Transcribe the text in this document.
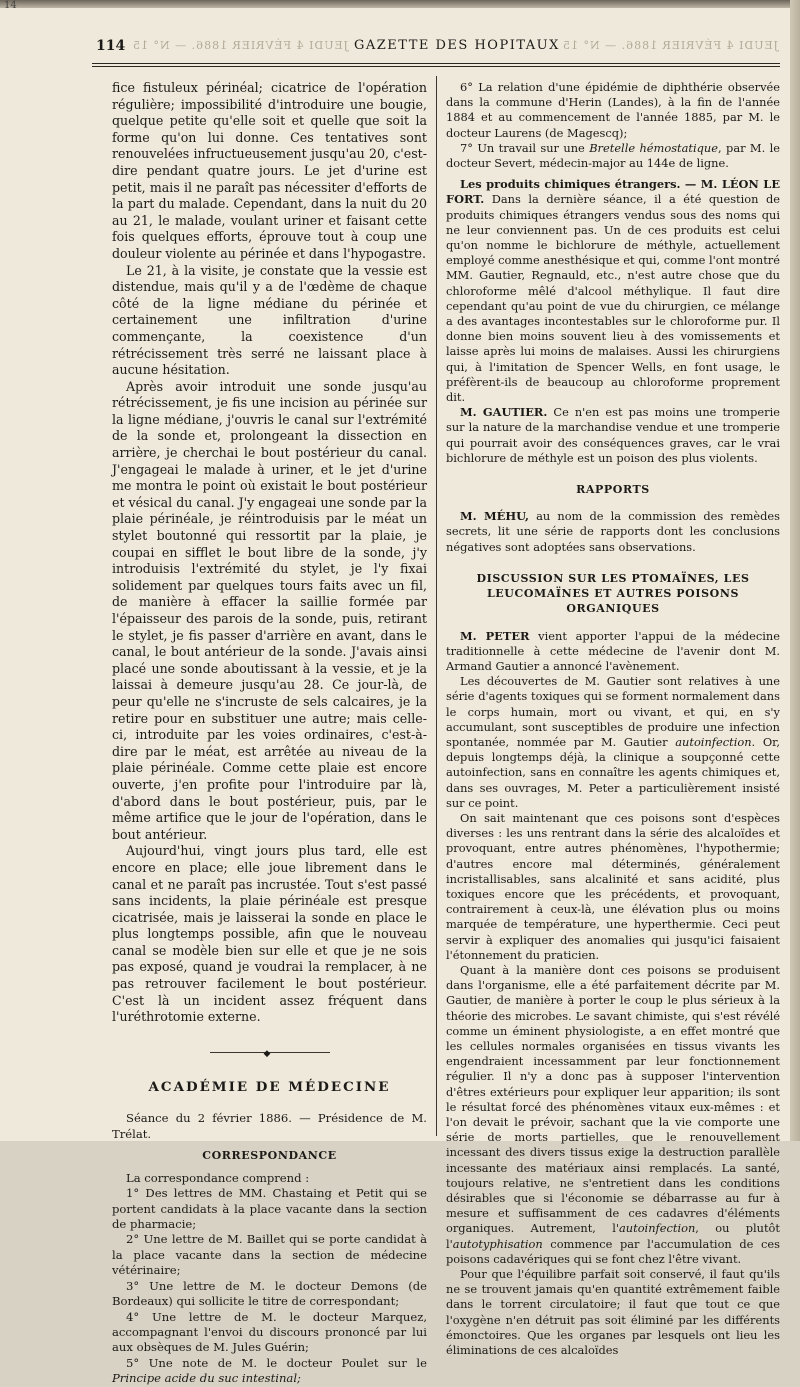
14
114 JEUDI 4 FÉVRIER 1886. — N° 15 GAZETTE DES HOPITAUX JEUDI 4 FÉVRIER 1886. — N° 15

fice fistuleux périnéal; cicatrice de l'opération régulière; impossibilité d'introduire une bougie, quelque petite qu'elle soit et quelle que soit la forme qu'on lui donne. Ces tentatives sont renouvelées infructueusement jusqu'au 20, c'est-dire pendant quatre jours. Le jet d'urine est petit, mais il ne paraît pas nécessiter d'efforts de la part du malade. Cependant, dans la nuit du 20 au 21, le malade, voulant uriner et faisant cette fois quelques efforts, éprouve tout à coup une douleur violente au périnée et dans l'hypogastre.

Le 21, à la visite, je constate que la vessie est distendue, mais qu'il y a de l'œdème de chaque côté de la ligne médiane du périnée et certainement une infiltration d'urine commençante, la coexistence d'un rétrécissement très serré ne laissant place à aucune hésitation.

Après avoir introduit une sonde jusqu'au rétrécissement, je fis une incision au périnée sur la ligne médiane, j'ouvris le canal sur l'extrémité de la sonde et, prolongeant la dissection en arrière, je cherchai le bout postérieur du canal. J'engageai le malade à uriner, et le jet d'urine me montra le point où existait le bout postérieur et vésical du canal. J'y engageai une sonde par la plaie périnéale, je réintroduisis par le méat un stylet boutonné qui ressortit par la plaie, je coupai en sifflet le bout libre de la sonde, j'y introduisis l'extrémité du stylet, je l'y fixai solidement par quelques tours faits avec un fil, de manière à effacer la saillie formée par l'épaisseur des parois de la sonde, puis, retirant le stylet, je fis passer d'arrière en avant, dans le canal, le bout antérieur de la sonde. J'avais ainsi placé une sonde aboutissant à la vessie, et je la laissai à demeure jusqu'au 28. Ce jour-là, de peur qu'elle ne s'incruste de sels calcaires, je la retire pour en substituer une autre; mais celle-ci, introduite par les voies ordinaires, c'est-à-dire par le méat, est arrêtée au niveau de la plaie périnéale. Comme cette plaie est encore ouverte, j'en profite pour l'introduire par là, d'abord dans le bout postérieur, puis, par le même artifice que le jour de l'opération, dans le bout antérieur.

Aujourd'hui, vingt jours plus tard, elle est encore en place; elle joue librement dans le canal et ne paraît pas incrustée. Tout s'est passé sans incidents, la plaie périnéale est presque cicatrisée, mais je laisserai la sonde en place le plus longtemps possible, afin que le nouveau canal se modèle bien sur elle et que je ne sois pas exposé, quand je voudrai la remplacer, à ne pas retrouver facilement le bout postérieur. C'est là un incident assez fréquent dans l'uréthrotomie externe.

◆
ACADÉMIE DE MÉDECINE

Séance du 2 février 1886. — Présidence de M. Trélat.

CORRESPONDANCE

La correspondance comprend :

1° Des lettres de MM. Chastaing et Petit qui se portent candidats à la place vacante dans la section de pharmacie;

2° Une lettre de M. Baillet qui se porte candidat à la place vacante dans la section de médecine vétérinaire;

3° Une lettre de M. le docteur Demons (de Bordeaux) qui sollicite le titre de correspondant;

4° Une lettre de M. le docteur Marquez, accompagnant l'envoi du discours prononcé par lui aux obsèques de M. Jules Guérin;

5° Une note de M. le docteur Poulet sur le Principe acide du suc intestinal;

6° La relation d'une épidémie de diphthérie observée dans la commune d'Herin (Landes), à la fin de l'année 1884 et au commencement de l'année 1885, par M. le docteur Laurens (de Magescq);

7° Un travail sur une Bretelle hémostatique, par M. le docteur Severt, médecin-major au 144e de ligne.

Les produits chimiques étrangers. — M. LÉON LE FORT. Dans la dernière séance, il a été question de produits chimiques étrangers vendus sous des noms qui ne leur conviennent pas. Un de ces produits est celui qu'on nomme le bichlorure de méthyle, actuellement employé comme anesthésique et qui, comme l'ont montré MM. Gautier, Regnauld, etc., n'est autre chose que du chloroforme mêlé d'alcool méthylique. Il faut dire cependant qu'au point de vue du chirurgien, ce mélange a des avantages incontestables sur le chloroforme pur. Il donne bien moins souvent lieu à des vomissements et laisse après lui moins de malaises. Aussi les chirurgiens qui, à l'imitation de Spencer Wells, en font usage, le préfèrent-ils de beaucoup au chloroforme proprement dit.

M. GAUTIER. Ce n'en est pas moins une tromperie sur la nature de la marchandise vendue et une tromperie qui pourrait avoir des conséquences graves, car le vrai bichlorure de méthyle est un poison des plus violents.

RAPPORTS

M. MÉHU, au nom de la commission des remèdes secrets, lit une série de rapports dont les conclusions négatives sont adoptées sans observations.

DISCUSSION SUR LES PTOMAÏNES, LES LEUCOMAÏNES ET AUTRES POISONS ORGANIQUES

M. PETER vient apporter l'appui de la médecine traditionnelle à cette médecine de l'avenir dont M. Armand Gautier a annoncé l'avènement.

Les découvertes de M. Gautier sont relatives à une série d'agents toxiques qui se forment normalement dans le corps humain, mort ou vivant, et qui, en s'y accumulant, sont susceptibles de produire une infection spontanée, nommée par M. Gautier autoinfection. Or, depuis longtemps déjà, la clinique a soupçonné cette autoinfection, sans en connaître les agents chimiques et, dans ses ouvrages, M. Peter a particulièrement insisté sur ce point.

On sait maintenant que ces poisons sont d'espèces diverses : les uns rentrant dans la série des alcaloïdes et provoquant, entre autres phénomènes, l'hypothermie; d'autres encore mal déterminés, généralement incristallisables, sans alcalinité et sans acidité, plus toxiques encore que les précédents, et provoquant, contrairement à ceux-là, une élévation plus ou moins marquée de température, une hyperthermie. Ceci peut servir à expliquer des anomalies qui jusqu'ici faisaient l'étonnement du praticien.

Quant à la manière dont ces poisons se produisent dans l'organisme, elle a été parfaitement décrite par M. Gautier, de manière à porter le coup le plus sérieux à la théorie des microbes. Le savant chimiste, qui s'est révélé comme un éminent physiologiste, a en effet montré que les cellules normales organisées en tissus vivants les engendraient incessamment par leur fonctionnement régulier. Il n'y a donc pas à supposer l'intervention d'êtres extérieurs pour expliquer leur apparition; ils sont le résultat forcé des phénomènes vitaux eux-mêmes : et l'on devait le prévoir, sachant que la vie comporte une série de morts partielles, que le renouvellement incessant des divers tissus exige la destruction parallèle incessante des matériaux ainsi remplacés. La santé, toujours relative, ne s'entretient dans les conditions désirables que si l'économie se débarrasse au fur à mesure et suffisamment de ces cadavres d'éléments organiques. Autrement, l'autoinfection, ou plutôt l'autotyphisation commence par l'accumulation de ces poisons cadavériques qui se font chez l'être vivant.

Pour que l'équilibre parfait soit conservé, il faut qu'ils ne se trouvent jamais qu'en quantité extrêmement faible dans le torrent circulatoire; il faut que tout ce que l'oxygène n'en détruit pas soit éliminé par les différents émonctoires. Que les organes par lesquels ont lieu les éliminations de ces alcaloïdes
